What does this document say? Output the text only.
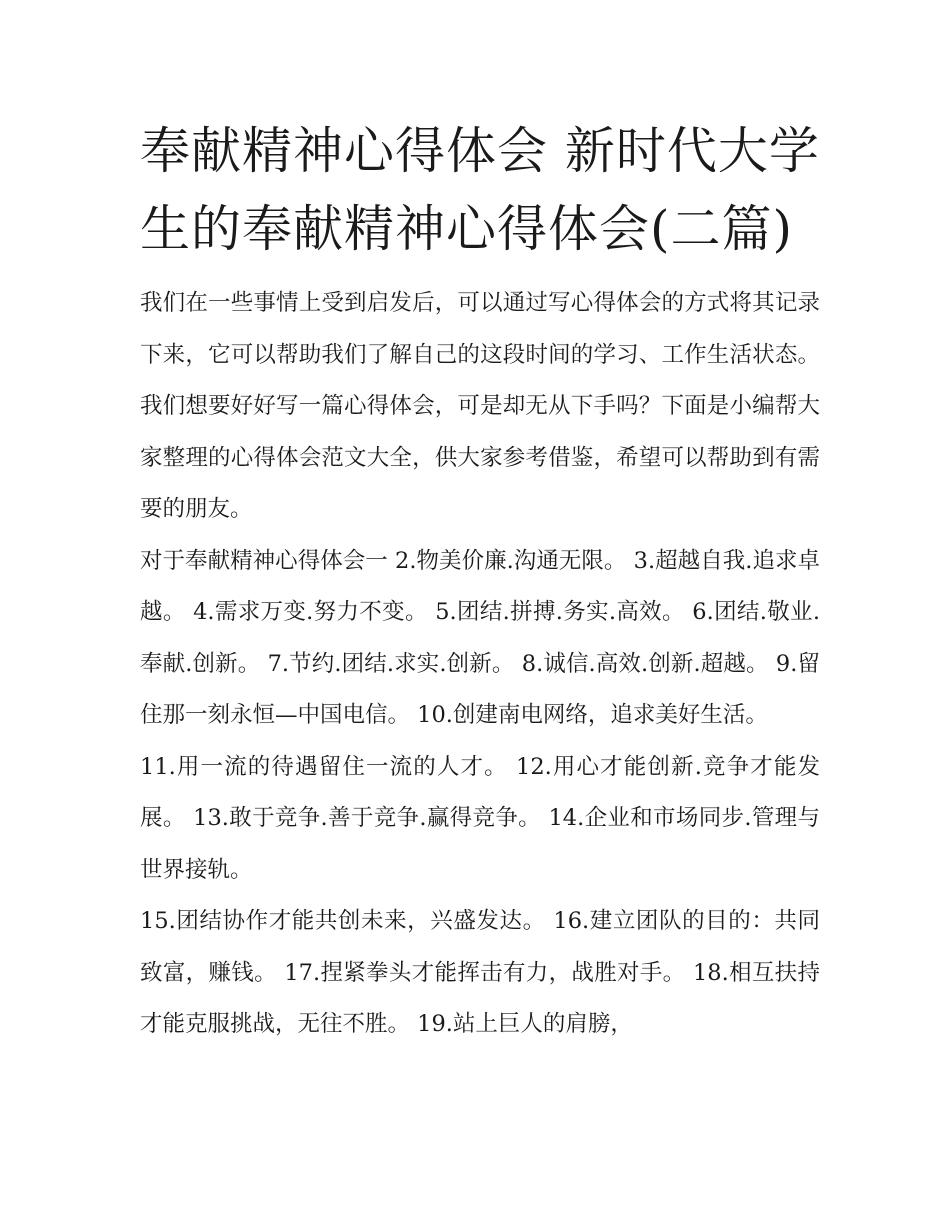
奉献精神心得体会 新时代大学生的奉献精神心得体会(二篇)

我们在一些事情上受到启发后，可以通过写心得体会的方式将其记录下来，它可以帮助我们了解自己的这段时间的学习、工作生活状态。我们想要好好写一篇心得体会，可是却无从下手吗？下面是小编帮大家整理的心得体会范文大全，供大家参考借鉴，希望可以帮助到有需要的朋友。

对于奉献精神心得体会一 2.物美价廉.沟通无限。 3.超越自我.追求卓越。 4.需求万变.努力不变。 5.团结.拼搏.务实.高效。 6.团结.敬业.奉献.创新。 7.节约.团结.求实.创新。 8.诚信.高效.创新.超越。 9.留住那一刻永恒—中国电信。 10.创建南电网络，追求美好生活。

11.用一流的待遇留住一流的人才。 12.用心才能创新.竞争才能发展。 13.敢于竞争.善于竞争.赢得竞争。 14.企业和市场同步.管理与世界接轨。

15.团结协作才能共创未来，兴盛发达。 16.建立团队的目的：共同致富，赚钱。 17.捏紧拳头才能挥击有力，战胜对手。 18.相互扶持才能克服挑战，无往不胜。 19.站上巨人的肩膀，
